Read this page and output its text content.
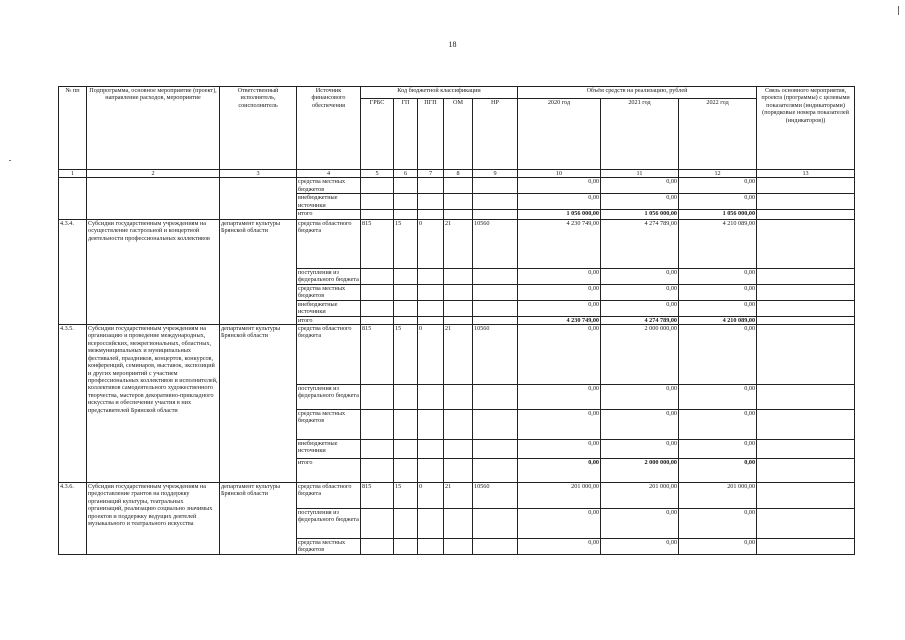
18
№ пп	Подпрограмма, основное мероприятие (проект), направление расходов, мероприятие	Ответственный исполнитель, соисполнитель	Источник финансового обеспечения	Код бюджетной классификации					Объём средств на реализацию, рублей			Связь основного мероприятия, проекта (программы) с целевыми показателями (индикаторами) (порядковые номера показателей (индикаторов))
				ГРБС	ГП	ПГП	ОМ	НР	2020 год	2021 год	2022 год	
1	2	3	4	5	6	7	8	9	10	11	12	13
			средства местных бюджетов						0,00	0,00	0,00	
			внебюджетные источники						0,00	0,00	0,00	
			итого						1 056 000,00	1 056 000,00	1 056 000,00	
4.3.4.	Субсидии государственным учреждениям на осуществление гастрольной и концертной деятельности профессиональных коллективов	департамент культуры Брянской области	средства областного бюджета	815	15	0	21	10560	4 230 749,00	4 274 789,00	4 210 089,00	
			поступления из федерального бюджета						0,00	0,00	0,00	
			средства местных бюджетов						0,00	0,00	0,00	
			внебюджетные источники						0,00	0,00	0,00	
			итого						4 230 749,00	4 274 789,00	4 210 089,00	
4.3.5.	Субсидии государственным учреждениям на организацию и проведение международных, всероссийских, межрегиональных, областных, межмуниципальных и муниципальных фестивалей, праздников, концертов, конкурсов, конференций, семинаров, выставок, экспозиций и других мероприятий с участием профессиональных коллективов и исполнителей, коллективов самодеятельного художественного творчества, мастеров декоративно-прикладного искусства и обеспечение участия в них представителей Брянской области	департамент культуры Брянской области	средства областного бюджета	815	15	0	21	10560	0,00	2 000 000,00	0,00	
			поступления из федерального бюджета						0,00	0,00	0,00	
			средства местных бюджетов						0,00	0,00	0,00	
			внебюджетные источники						0,00	0,00	0,00	
			итого						0,00	2 000 000,00	0,00	
4.3.6.	Субсидии государственным учреждениям на предоставление грантов на поддержку организаций культуры, театральных организаций, реализацию социально значимых проектов и поддержку ведущих деятелей музыкального и театрального искусства	департамент культуры Брянской области	средства областного бюджета	815	15	0	21	10560	201 000,00	201 000,00	201 000,00	
			поступления из федерального бюджета						0,00	0,00	0,00	
			средства местных бюджетов						0,00	0,00	0,00	
